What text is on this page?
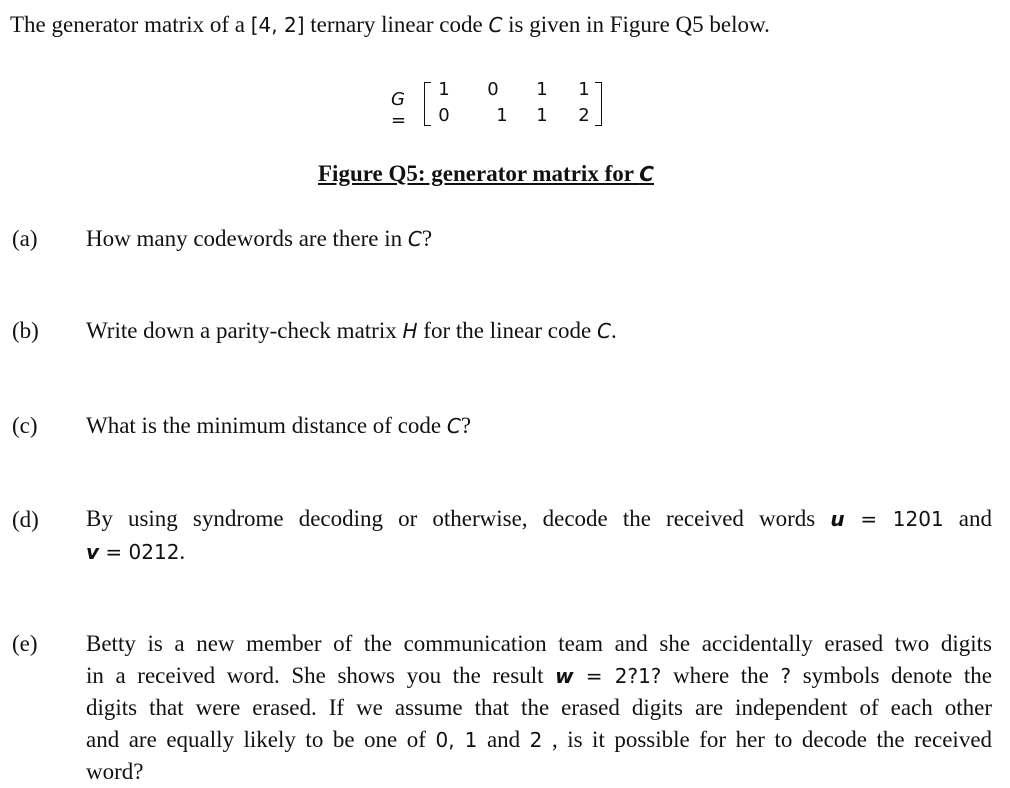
The generator matrix of a [4, 2] ternary linear code C is given in Figure Q5 below.
G =
1 0 1 1
0	1 1 2
Figure Q5: generator matrix for C
(a) How many codewords are there in C?
(b) Write down a parity-check matrix H for the linear code C.
(c) What is the minimum distance of code C?
(d) By using syndrome decoding or otherwise, decode the received words u = 1201 and
v = 0212.
(e) Betty is a new member of the communication team and she accidentally erased two digits
in a received word. She shows you the result w = 2?1? where the ? symbols denote the
digits that were erased. If we assume that the erased digits are independent of each other
and are equally likely to be one of 0, 1 and 2 , is it possible for her to decode the received
word?
